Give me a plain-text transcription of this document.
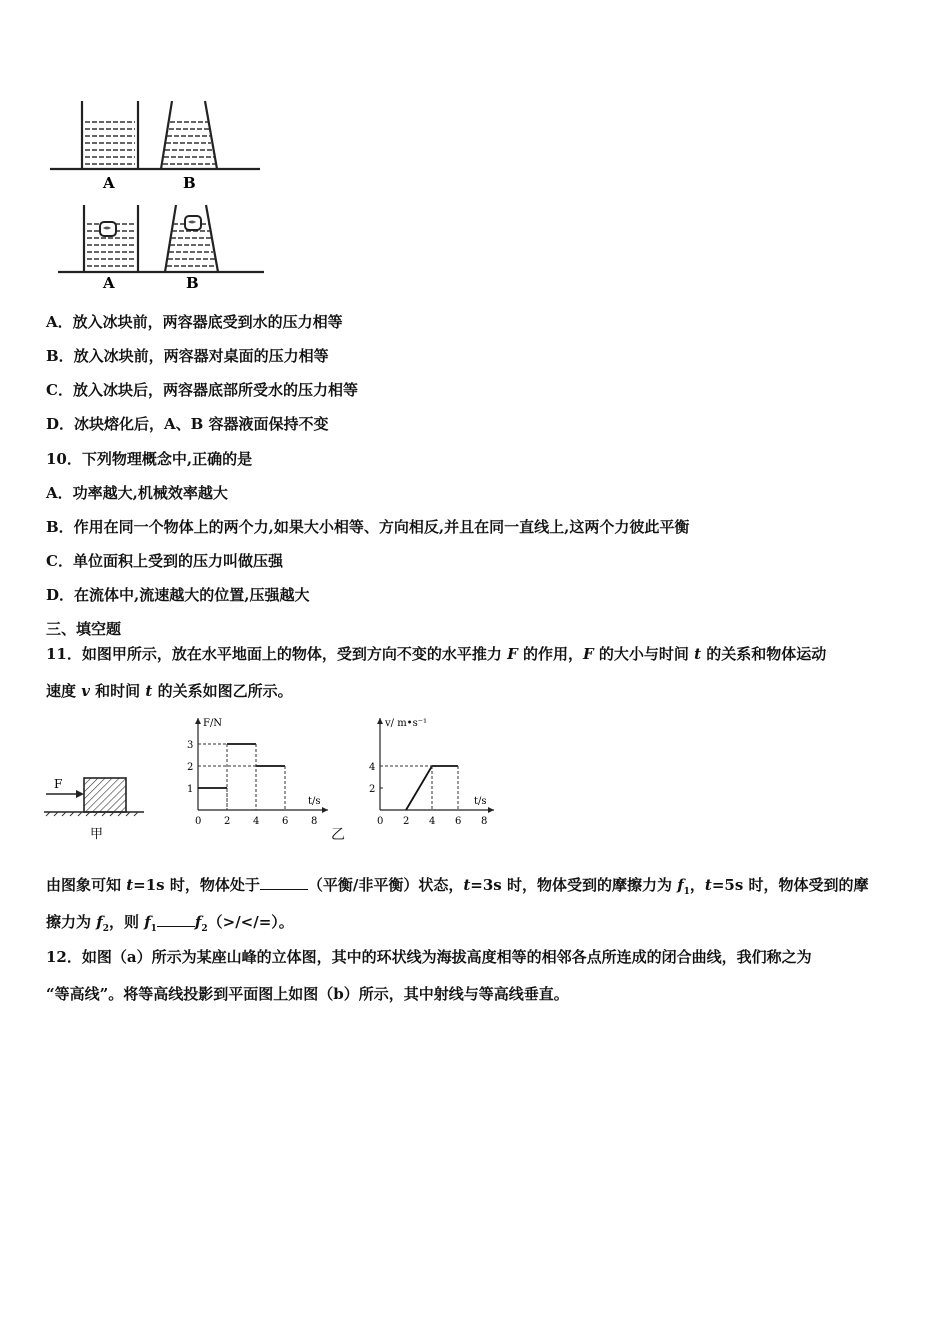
A	B
A	B
A．放入冰块前，两容器底受到水的压力相等
B．放入冰块前，两容器对桌面的压力相等
C．放入冰块后，两容器底部所受水的压力相等
D．冰块熔化后，A、B 容器液面保持不变
10．下列物理概念中,正确的是
A．功率越大,机械效率越大
B．作用在同一个物体上的两个力,如果大小相等、方向相反,并且在同一直线上,这两个力彼此平衡
C．单位面积上受到的压力叫做压强
D．在流体中,流速越大的位置,压强越大
三、填空题
11．如图甲所示，放在水平地面上的物体，受到方向不变的水平推力 F 的作用，F 的大小与时间 t 的关系和物体运动
速度 v 和时间 t 的关系如图乙所示。
F
甲
F/N
t/s
0 2 4 6 8
1
2
3
乙
v/ m•s⁻¹
t/s
0 2 4 6 8
2
4
由图象可知 t=1s 时，物体处于	（平衡/非平衡）状态，t=3s 时，物体受到的摩擦力为 $f_1$，t=5s 时，物体受到的摩
擦力为 $f_2$，则 $f_1$	$f_2(>/</=)$。
12．如图（a）所示为某座山峰的立体图，其中的环状线为海拔高度相等的相邻各点所连成的闭合曲线，我们称之为
“等高线”。将等高线投影到平面图上如图（b）所示，其中射线与等高线垂直。
